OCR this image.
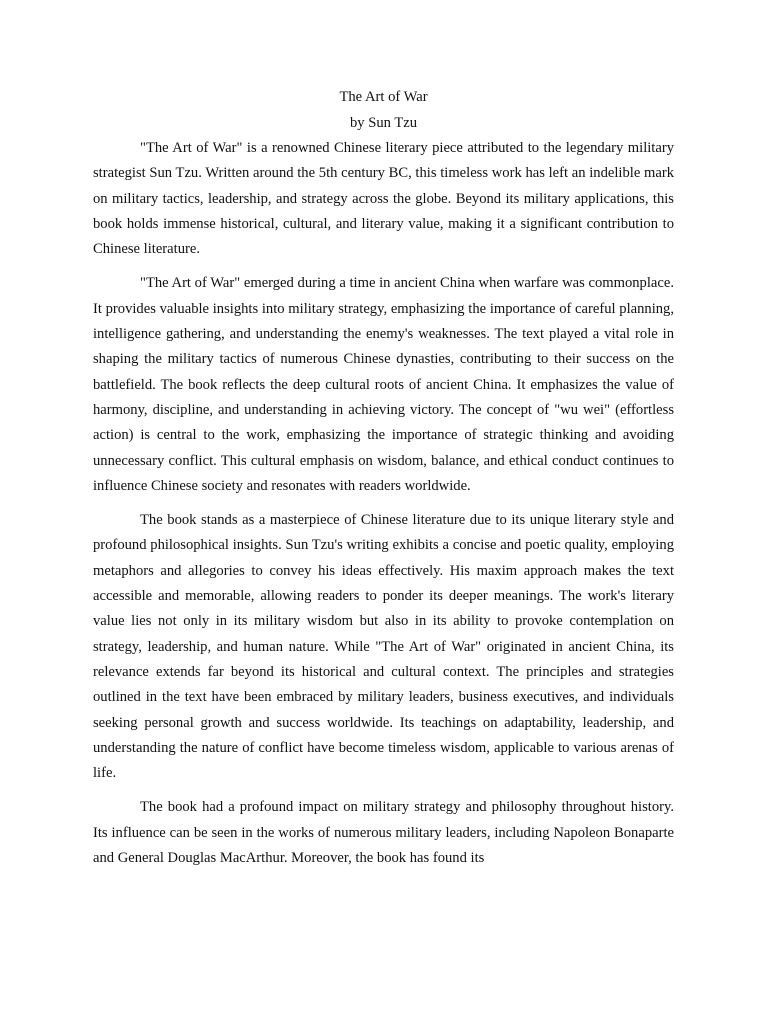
The Art of War

by Sun Tzu

"The Art of War" is a renowned Chinese literary piece attributed to the legendary military strategist Sun Tzu. Written around the 5th century BC, this timeless work has left an indelible mark on military tactics, leadership, and strategy across the globe. Beyond its military applications, this book holds immense historical, cultural, and literary value, making it a significant contribution to Chinese literature.

"The Art of War" emerged during a time in ancient China when warfare was commonplace. It provides valuable insights into military strategy, emphasizing the importance of careful planning, intelligence gathering, and understanding the enemy's weaknesses. The text played a vital role in shaping the military tactics of numerous Chinese dynasties, contributing to their success on the battlefield. The book reflects the deep cultural roots of ancient China. It emphasizes the value of harmony, discipline, and understanding in achieving victory. The concept of "wu wei" (effortless action) is central to the work, emphasizing the importance of strategic thinking and avoiding unnecessary conflict. This cultural emphasis on wisdom, balance, and ethical conduct continues to influence Chinese society and resonates with readers worldwide.

The book stands as a masterpiece of Chinese literature due to its unique literary style and profound philosophical insights. Sun Tzu's writing exhibits a concise and poetic quality, employing metaphors and allegories to convey his ideas effectively. His maxim approach makes the text accessible and memorable, allowing readers to ponder its deeper meanings. The work's literary value lies not only in its military wisdom but also in its ability to provoke contemplation on strategy, leadership, and human nature. While "The Art of War" originated in ancient China, its relevance extends far beyond its historical and cultural context. The principles and strategies outlined in the text have been embraced by military leaders, business executives, and individuals seeking personal growth and success worldwide. Its teachings on adaptability, leadership, and understanding the nature of conflict have become timeless wisdom, applicable to various arenas of life.

The book had a profound impact on military strategy and philosophy throughout history. Its influence can be seen in the works of numerous military leaders, including Napoleon Bonaparte and General Douglas MacArthur. Moreover, the book has found its
